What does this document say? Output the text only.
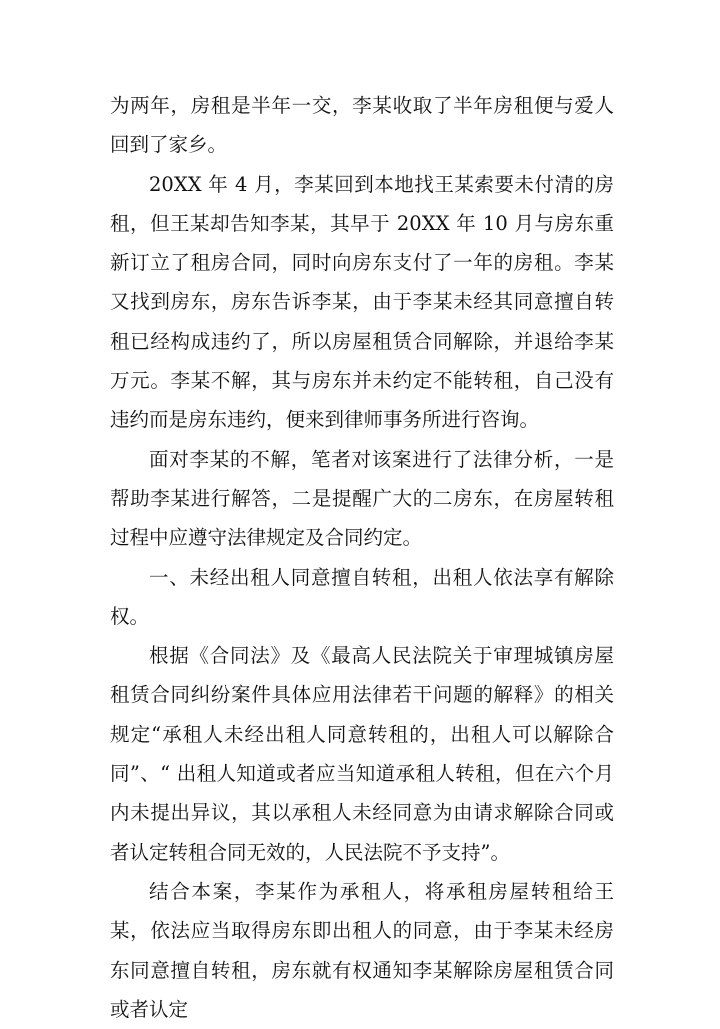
为两年，房租是半年一交，李某收取了半年房租便与爱人回到了家乡。

20XX 年 4 月，李某回到本地找王某索要未付清的房租，但王某却告知李某，其早于 20XX 年 10 月与房东重新订立了租房合同，同时向房东支付了一年的房租。李某又找到房东，房东告诉李某，由于李某未经其同意擅自转租已经构成违约了，所以房屋租赁合同解除，并退给李某万元。李某不解，其与房东并未约定不能转租，自己没有违约而是房东违约，便来到律师事务所进行咨询。

面对李某的不解，笔者对该案进行了法律分析，一是帮助李某进行解答，二是提醒广大的二房东，在房屋转租过程中应遵守法律规定及合同约定。

一、未经出租人同意擅自转租，出租人依法享有解除权。

根据《合同法》及《最高人民法院关于审理城镇房屋租赁合同纠纷案件具体应用法律若干问题的解释》的相关规定“承租人未经出租人同意转租的，出租人可以解除合同”、“ 出租人知道或者应当知道承租人转租，但在六个月内未提出异议，其以承租人未经同意为由请求解除合同或者认定转租合同无效的，人民法院不予支持”。

结合本案，李某作为承租人，将承租房屋转租给王某，依法应当取得房东即出租人的同意，由于李某未经房东同意擅自转租，房东就有权通知李某解除房屋租赁合同或者认定
